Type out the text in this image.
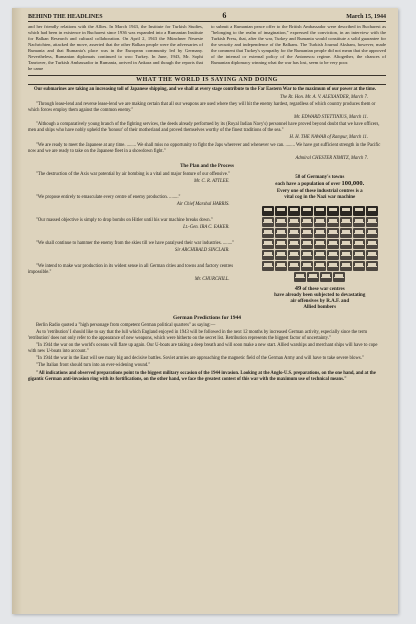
BEHIND THE HEADLINES	6	March 15, 1944

and her friendly relations with the Allies. In March 1943, the Institute for Turkish Studies, which had been in existence in Bucharest since 1936 was expanded into a Rumanian Institute for Balkan Research and cultural collaboration. On April 2, 1943 the Münchner Neueste Nachrichten, attacked the move, asserted that the other Balkan people were the adversaries of Rumania and that Rumania's place was in the European community led by Germany. Nevertheless, Rumanian diplomats continued to woo Turkey. In June, 1943, Mr. Sophi Tanriover, the Turkish Ambassador in Rumania, arrived in Ankara and though the reports that he came

to submit a Rumanian peace offer to the British Ambassador were described in Bucharest as "belonging to the realm of imagination," expressed the conviction, in an interview with the Turkish Press, that, after the war, Turkey and Rumania would constitute a solid guarantee for the security and independence of the Balkans. The Turkish Journal Aksham, however, made the comment that Turkey's sympathy for the Rumanian people did not mean that she approved of the internal or external policy of the Antonescu regime. Altogether, the chances of Rumanian diplomacy winning what the war has lost, seem to be very poor.

WHAT THE WORLD IS SAYING AND DOING

Our submarines are taking an increasing toll of Japanese shipping, and we shall at every stage contribute to the Far Eastern War to the maximum of our power at the time.

The Rt. Hon. Mr. A. V. ALEXANDER, March 7.

"Through lease-lend and reverse lease-lend we are making certain that all our weapons are used where they will hit the enemy hardest, regardless of which country produces them or which forces employ them against the common enemy."

Mr. EDWARD STETTINIUS, March 11.

"Although a comparatively young branch of the fighting services, the deeds already performed by its (Royal Indian Navy's) personnel have proved beyond doubt that we have officers, men and ships who have nobly upheld the 'honour' of their motherland and proved themselves worthy of the finest traditions of the sea."

H. H. THE NAWAB of Rampur, March 11.

"We are ready to meet the Japanese at any time. ........ We shall miss no opportunity to fight the Japs wherever and whenever we can. ........ We have got sufficient strength in the Pacific now and we are ready to take on the Japanese fleet in a showdown fight."

Admiral CHESTER NIMITZ, March 7.

The Plan and the Process

"The destruction of the Axis war potential by air bombing is a vital and major feature of our offensive."

Mr. C. R. ATTLEE.

"We propose entirely to emasculate every centre of enemy production. ........"

Air Chief Marshal HARRIS.

"Our massed objective is simply to drop bombs on Hitler until his war machine breaks down."

Lt.-Gen. IRA C. EAKER.

"We shall continue to hammer the enemy from the skies till we have paralysed their war industries. ........"

Sir ARCHIBALD SINCLAIR.

"We intend to make war production in its widest sense in all German cities and towns and factory centres impossible."

Mr. CHURCHILL.

58 of Germany's towns
each have a population of over 100,000.
Every one of these industrial centres is a
vital cog in the Nazi war machine
49 of these war centres
have already been subjected to devastating
air offensives by R.A.F. and
Allied bombers
German Predictions for 1944

Berlin Radio quoted a "high personage from competent German political quarters" as saying:—

As to 'retribution' I should like to say that the lull which England enjoyed in 1943 will be followed in the next 12 months by increased German activity, especially since the term 'retribution' does not only refer to the appearance of new weapons, which were hitherto on the secret list. Retribution represents the biggest factor of uncertainty."

"In 1944 the war on the world's oceans will flare up again. Our U-boats are taking a deep breath and will soon make a new start. Allied warships and merchant ships will have to cope with new U-boats into account."

"In 1944 the war in the East will see many big and decisive battles. Soviet armies are approaching the magnetic field of the German Army and will have to take severe blows."

"The Italian front should turn into an ever-widening wound."

"All indications and observed preparations point to the biggest military occasion of the 1944 invasion. Looking at the Anglo-U.S. preparations, on the one hand, and at the gigantic German anti-invasion ring with its fortifications, on the other hand, we face the greatest contest of this war with the maximum use of technical means."
